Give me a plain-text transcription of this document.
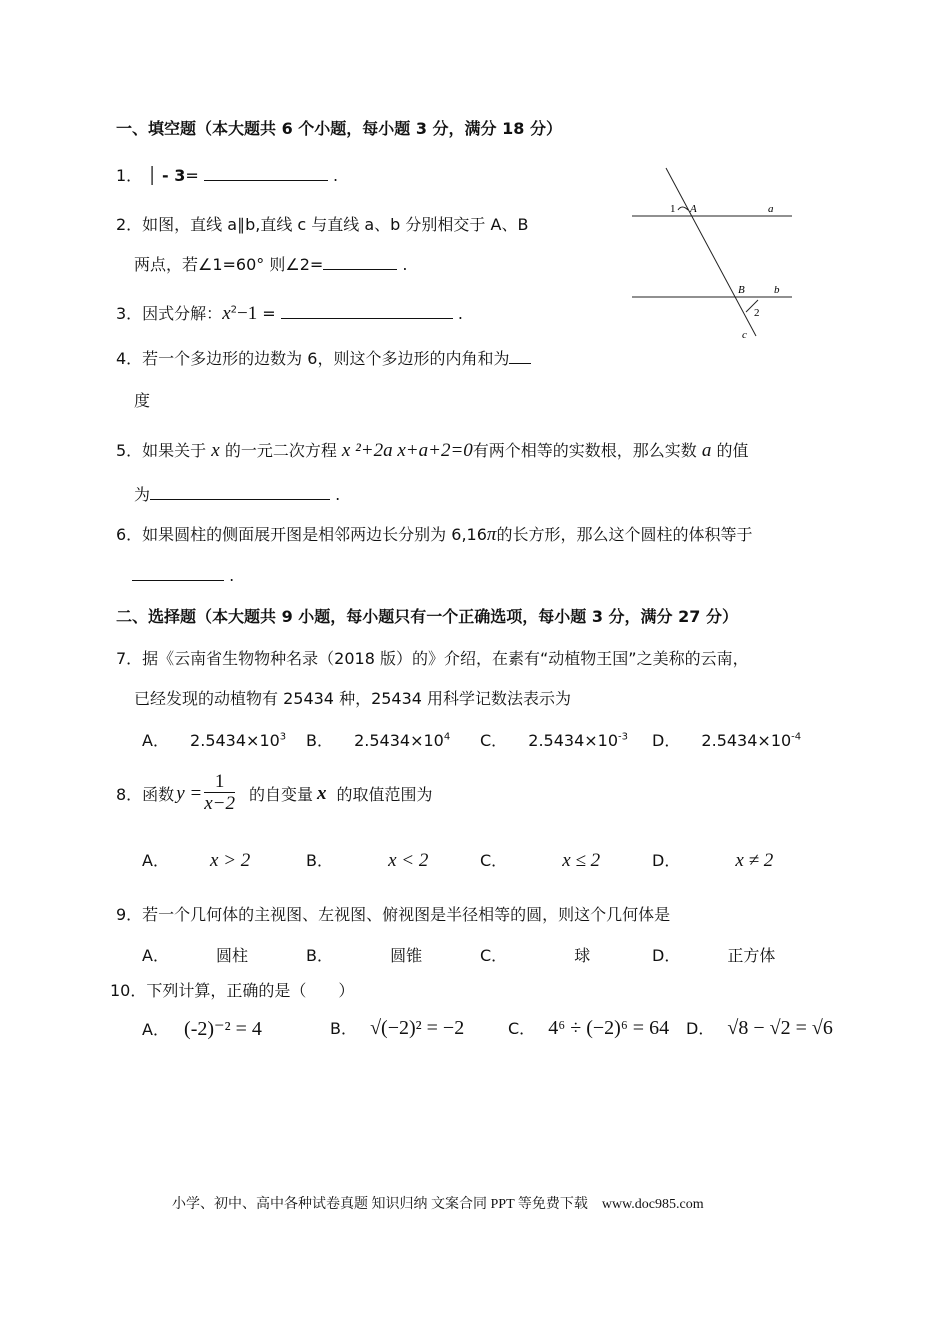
一、填空题（本大题共 6 个小题，每小题 3 分，满分 18 分）
1． │ - 3=	.
2．如图，直线 a∥b,直线 c 与直线 a、b 分别相交于 A、B
两点，若∠1=60° 则∠2=	.
1 A	a
B	b
2
c
3．因式分解：$x^2-1$ =	.
4．若一个多边形的边数为 6，则这个多边形的内角和为
度
5．如果关于 x 的一元二次方程 x ²+2a x+a+2=0有两个相等的实数根，那么实数 a 的值
为	.
6．如果圆柱的侧面展开图是相邻两边长分别为 6,16π的长方形，那么这个圆柱的体积等于
.
二、选择题（本大题共 9 小题，每小题只有一个正确选项，每小题 3 分，满分 27 分）
7．据《云南省生物物种名录（2018 版）的》介绍，在素有“动植物王国”之美称的云南，
已经发现的动植物有 25434 种，25434 用科学记数法表示为
A． $2.5434\times 10^3$ B． $2.5434\times 10^4$ C． $2.5434\times 10^{-3}$ D． $2.5434\times 10^{-4}$
8．函数 $y = \frac{1}{x-2}$ 的自变量 x 的取值范围为
A． x > 2	B．	x < 2	C．	x ≤ 2	D．	x ≠ 2
9．若一个几何体的主视图、左视图、俯视图是半径相等的圆，则这个几何体是
A．	圆柱	B．	圆锥	C．	球	D．	正方体
10．下列计算，正确的是（　　）
A． (-2)⁻² = 4	B． √(−2)² = −2	C． 4⁶ ÷ (−2)⁶ = 64 D． √8 − √2 = √6
小学、初中、高中各种试卷真题 知识归纳 文案合同 PPT 等免费下载　www.doc985.com
